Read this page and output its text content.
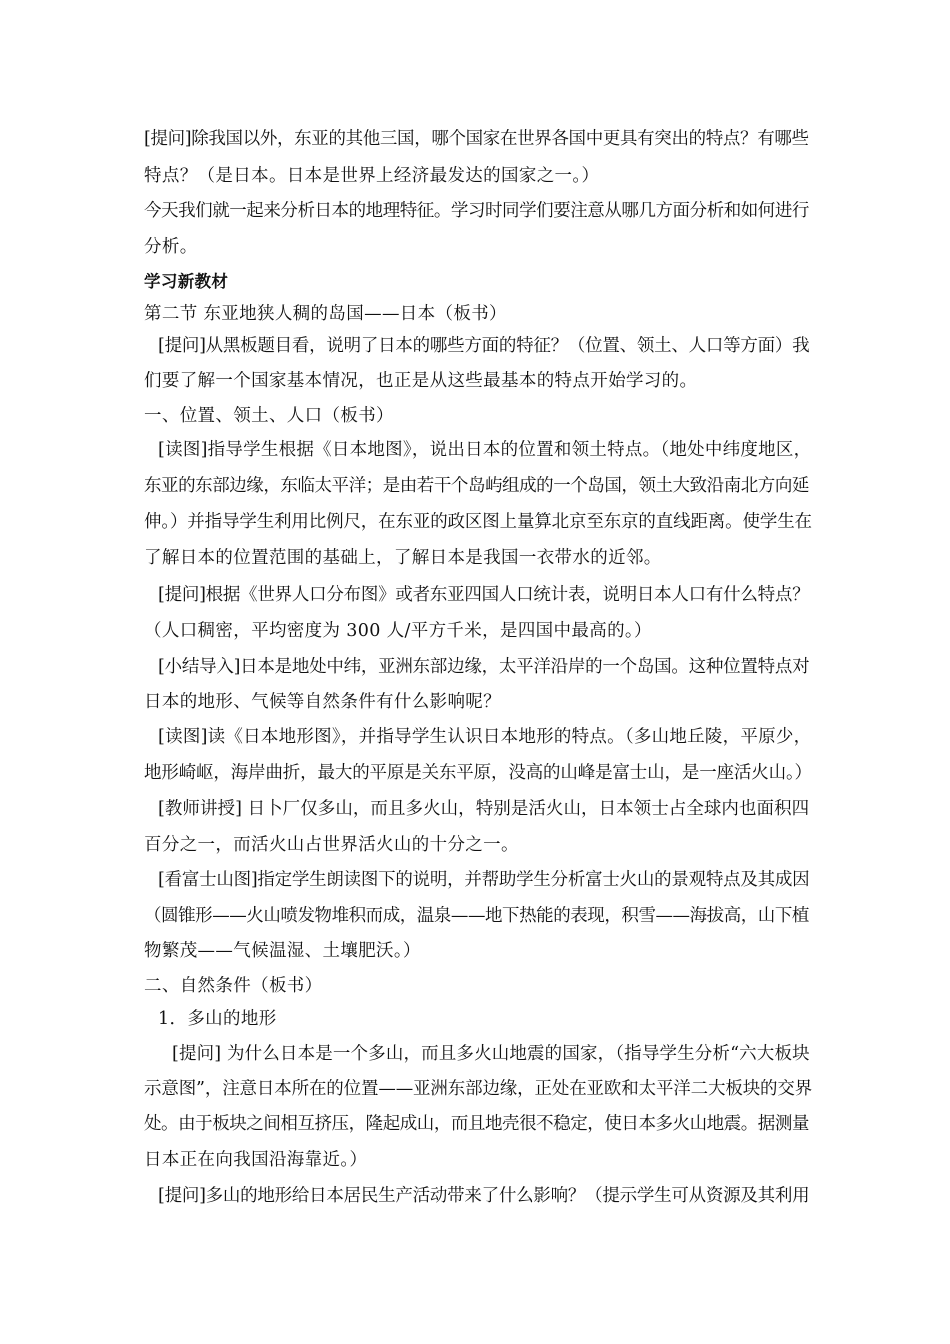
[提问]除我国以外，东亚的其他三国，哪个国家在世界各国中更具有突出的特点？有哪些
特点？（是日本。日本是世界上经济最发达的国家之一。）
今天我们就一起来分析日本的地理特征。学习时同学们要注意从哪几方面分析和如何进行
分析。
学习新教材
第二节 东亚地狭人稠的岛国——日本（板书）
[提问]从黑板题目看，说明了日本的哪些方面的特征？（位置、领土、人口等方面）我
们要了解一个国家基本情况，也正是从这些最基本的特点开始学习的。
一、位置、领土、人口（板书）
[读图]指导学生根据《日本地图》，说出日本的位置和领土特点。（地处中纬度地区，
东亚的东部边缘，东临太平洋；是由若干个岛屿组成的一个岛国，领土大致沿南北方向延
伸。）并指导学生利用比例尺，在东亚的政区图上量算北京至东京的直线距离。使学生在
了解日本的位置范围的基础上，了解日本是我国一衣带水的近邻。
[提问]根据《世界人口分布图》或者东亚四国人口统计表，说明日本人口有什么特点？
（人口稠密，平均密度为 300 人/平方千米，是四国中最高的。）
[小结导入]日本是地处中纬，亚洲东部边缘，太平洋沿岸的一个岛国。这种位置特点对
日本的地形、气候等自然条件有什么影响呢？
[读图]读《日本地形图》，并指导学生认识日本地形的特点。（多山地丘陵，平原少，
地形崎岖，海岸曲折，最大的平原是关东平原，没高的山峰是富士山，是一座活火山。）
[教师讲授] 日卜厂仅多山，而且多火山，特别是活火山，日本领士占全球内也面积四
百分之一，而活火山占世界活火山的十分之一。
[看富士山图]指定学生朗读图下的说明，并帮助学生分析富士火山的景观特点及其成因
（圆锥形——火山喷发物堆积而成，温泉——地下热能的表现，积雪——海拔高，山下植
物繁茂——气候温湿、土壤肥沃。）
二、自然条件（板书）
1．多山的地形
[提问] 为什么日本是一个多山，而且多火山地震的国家，（指导学生分析“六大板块
示意图”，注意日本所在的位置——亚洲东部边缘，正处在亚欧和太平洋二大板块的交界
处。由于板块之间相互挤压，隆起成山，而且地壳很不稳定，使日本多火山地震。据测量
日本正在向我国沿海靠近。）
[提问]多山的地形给日本居民生产活动带来了什么影响？（提示学生可从资源及其利用
